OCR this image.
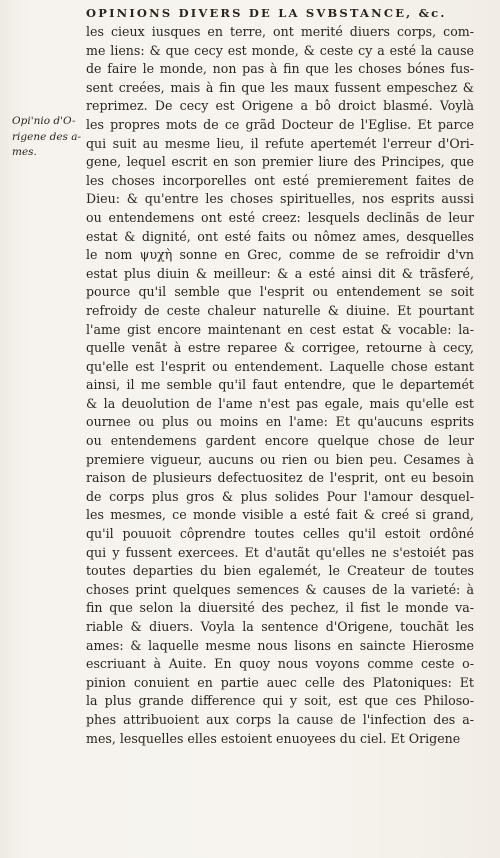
OPINIONS DIVERS DE LA SVBSTANCE, &c.
Opi'nio d'O-
rigene des a-
mes.
les cieux iusques en terre, ont merité diuers corps, com-
me liens: & que cecy est monde, & ceste cy a esté la cause
de faire le monde, non pas à fin que les choses bónes fus-
sent creées, mais à fin que les maux fussent empeschez &
reprimez. De cecy est Origene a bô droict blasmé. Voylà
les propres mots de ce grãd Docteur de l'Eglise. Et parce
qui suit au mesme lieu, il refute apertemét l'erreur d'Ori-
gene, lequel escrit en son premier liure des Principes, que
les choses incorporelles ont esté premierement faites de
Dieu: & qu'entre les choses spirituelles, nos esprits aussi
ou entendemens ont esté creez: lesquels declinãs de leur
estat & dignité, ont esté faits ou nômez ames, desquelles
le nom ψυχὴ sonne en Grec, comme de se refroidir d'vn
estat plus diuin & meilleur: & a esté ainsi dit & trãsferé,
pource qu'il semble que l'esprit ou entendement se soit
refroidy de ceste chaleur naturelle & diuine. Et pourtant
l'ame gist encore maintenant en cest estat & vocable: la-
quelle venãt à estre reparee & corrigee, retourne à cecy,
qu'elle est l'esprit ou entendement. Laquelle chose estant
ainsi, il me semble qu'il faut entendre, que le departemét
& la deuolution de l'ame n'est pas egale, mais qu'elle est
ournee ou plus ou moins en l'ame: Et qu'aucuns esprits
ou entendemens gardent encore quelque chose de leur
premiere vigueur, aucuns ou rien ou bien peu. Cesames à
raison de plusieurs defectuositez de l'esprit, ont eu besoin
de corps plus gros & plus solides Pour l'amour desquel-
les mesmes, ce monde visible a esté fait & creé si grand,
qu'il pouuoit côprendre toutes celles qu'il estoit ordôné
qui y fussent exercees. Et d'autãt qu'elles ne s'estoiét pas
toutes departies du bien egalemét, le Createur de toutes
choses print quelques semences & causes de la varieté: à
fin que selon la diuersité des pechez, il fist le monde va-
riable & diuers. Voyla la sentence d'Origene, touchãt les
ames: & laquelle mesme nous lisons en saincte Hierosme
escriuant à Auite. En quoy nous voyons comme ceste o-
pinion conuient en partie auec celle des Platoniques: Et
la plus grande difference qui y soit, est que ces Philoso-
phes attribuoient aux corps la cause de l'infection des a-
mes, lesquelles elles estoient enuoyees du ciel. Et Origene
